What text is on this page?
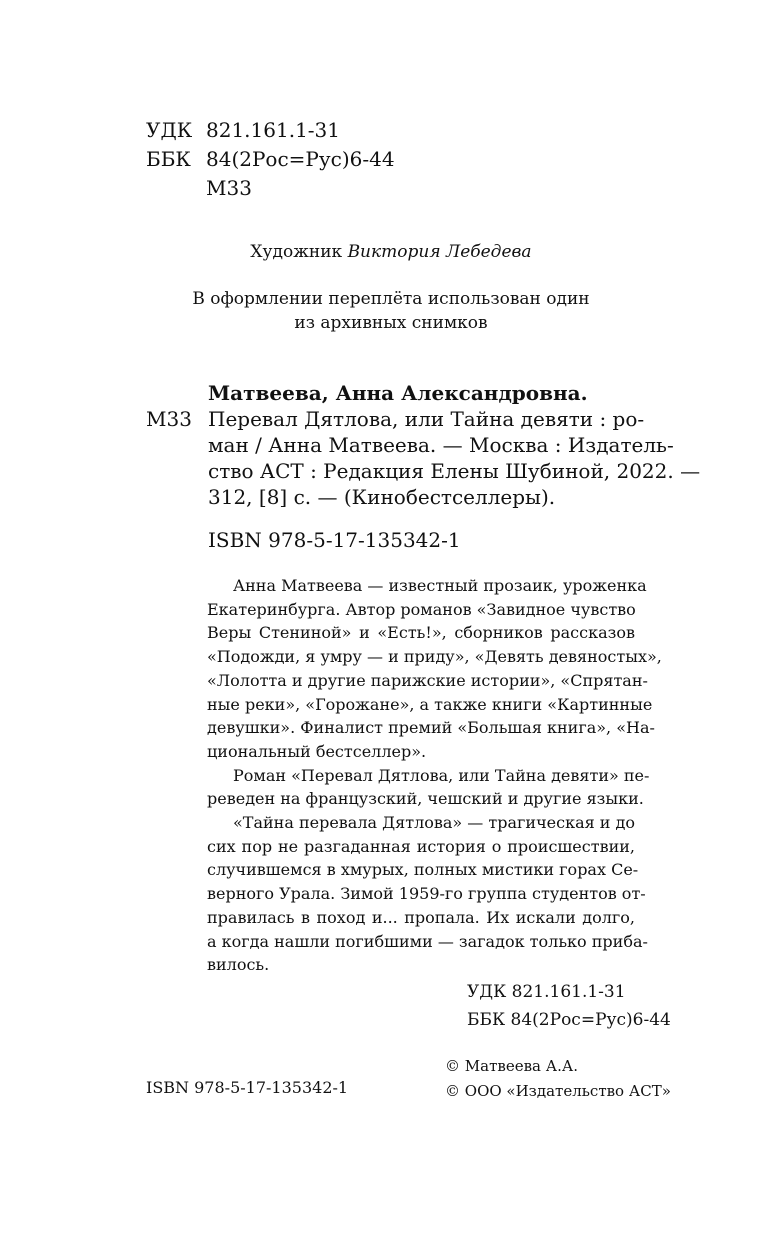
УДК 821.161.1-31
ББК 84(2Рос=Рус)6-44
М33
Художник Виктория Лебедева
В оформлении переплёта использован один
из архивных снимков
Матвеева, Анна Александровна.
М33 Перевал Дятлова, или Тайна девяти : ро-
ман / Анна Матвеева. — Москва : Издатель-
ство АСТ : Редакция Елены Шубиной, 2022. —
312, [8] с. — (Кинобестселлеры).
ISBN 978-5-17-135342-1
Анна Матвеева — известный прозаик, уроженка
Екатеринбурга. Автор романов «Завидное чувство
Веры Стениной» и «Есть!», сборников рассказов
«Подожди, я умру — и приду», «Девять девяностых»,
«Лолотта и другие парижские истории», «Спрятан-
ные реки», «Горожане», а также книги «Картинные
девушки». Финалист премий «Большая книга», «На-
циональный бестселлер».
Роман «Перевал Дятлова, или Тайна девяти» пе-
реведен на французский, чешский и другие языки.
«Тайна перевала Дятлова» — трагическая и до
сих пор не разгаданная история о происшествии,
случившемся в хмурых, полных мистики горах Се-
верного Урала. Зимой 1959-го группа студентов от-
правилась в поход и... пропала. Их искали долго,
а когда нашли погибшими — загадок только приба-
вилось.
УДК 821.161.1-31
ББК 84(2Рос=Рус)6-44
© Матвеева А.А.
© ООО «Издательство АСТ»
ISBN 978-5-17-135342-1
